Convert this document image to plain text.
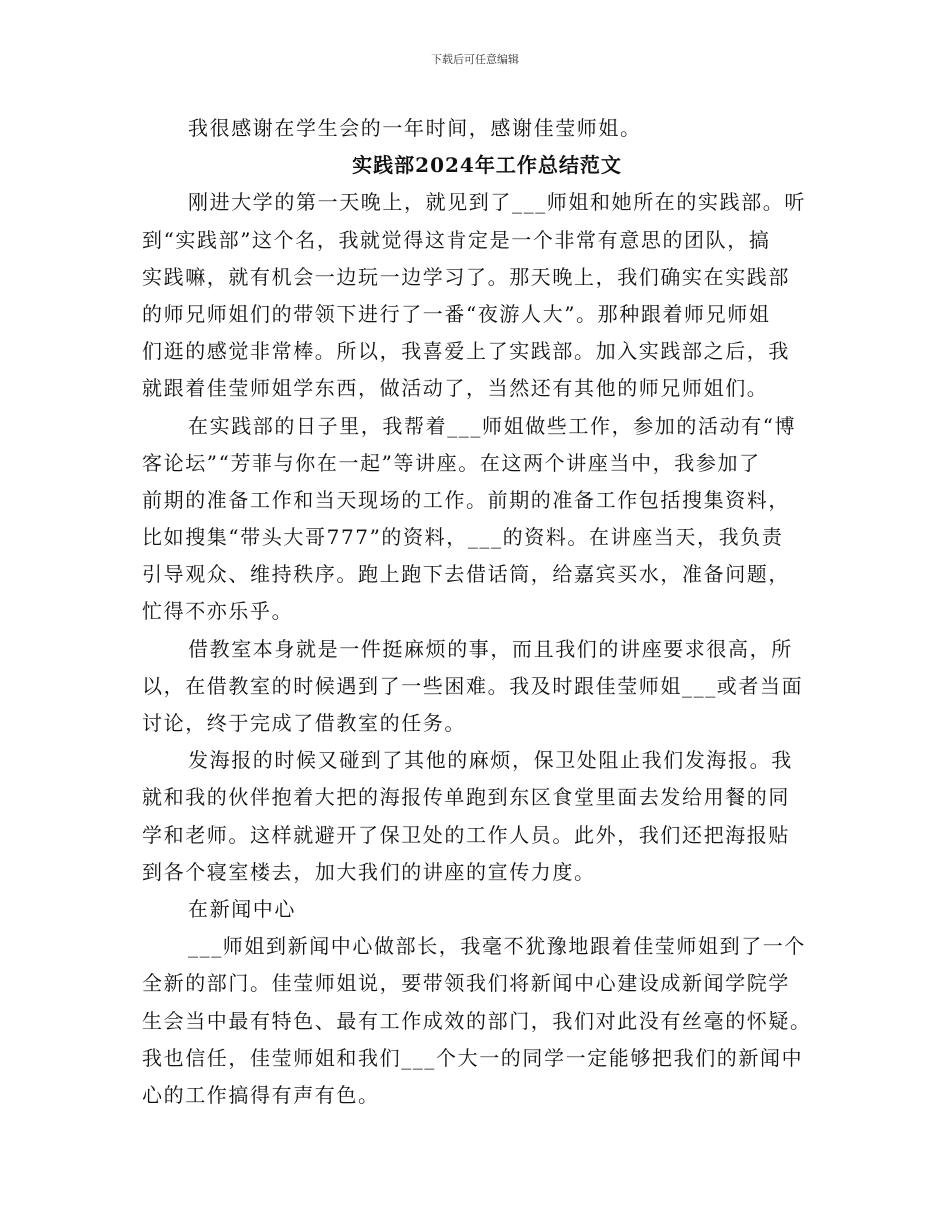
下载后可任意编辑
我很感谢在学生会的一年时间，感谢佳莹师姐。
实践部2024年工作总结范文
刚进大学的第一天晚上，就见到了___师姐和她所在的实践部。听
到“实践部”这个名，我就觉得这肯定是一个非常有意思的团队，搞
实践嘛，就有机会一边玩一边学习了。那天晚上，我们确实在实践部
的师兄师姐们的带领下进行了一番“夜游人大”。那种跟着师兄师姐
们逛的感觉非常棒。所以，我喜爱上了实践部。加入实践部之后，我
就跟着佳莹师姐学东西，做活动了，当然还有其他的师兄师姐们。
在实践部的日子里，我帮着___师姐做些工作，参加的活动有“博
客论坛”“芳菲与你在一起”等讲座。在这两个讲座当中，我参加了
前期的准备工作和当天现场的工作。前期的准备工作包括搜集资料，
比如搜集“带头大哥777”的资料，___的资料。在讲座当天，我负责
引导观众、维持秩序。跑上跑下去借话筒，给嘉宾买水，准备问题，
忙得不亦乐乎。
借教室本身就是一件挺麻烦的事，而且我们的讲座要求很高，所
以，在借教室的时候遇到了一些困难。我及时跟佳莹师姐___或者当面
讨论，终于完成了借教室的任务。
发海报的时候又碰到了其他的麻烦，保卫处阻止我们发海报。我
就和我的伙伴抱着大把的海报传单跑到东区食堂里面去发给用餐的同
学和老师。这样就避开了保卫处的工作人员。此外，我们还把海报贴
到各个寝室楼去，加大我们的讲座的宣传力度。
在新闻中心
___师姐到新闻中心做部长，我毫不犹豫地跟着佳莹师姐到了一个
全新的部门。佳莹师姐说，要带领我们将新闻中心建设成新闻学院学
生会当中最有特色、最有工作成效的部门，我们对此没有丝毫的怀疑。
我也信任，佳莹师姐和我们___个大一的同学一定能够把我们的新闻中
心的工作搞得有声有色。
